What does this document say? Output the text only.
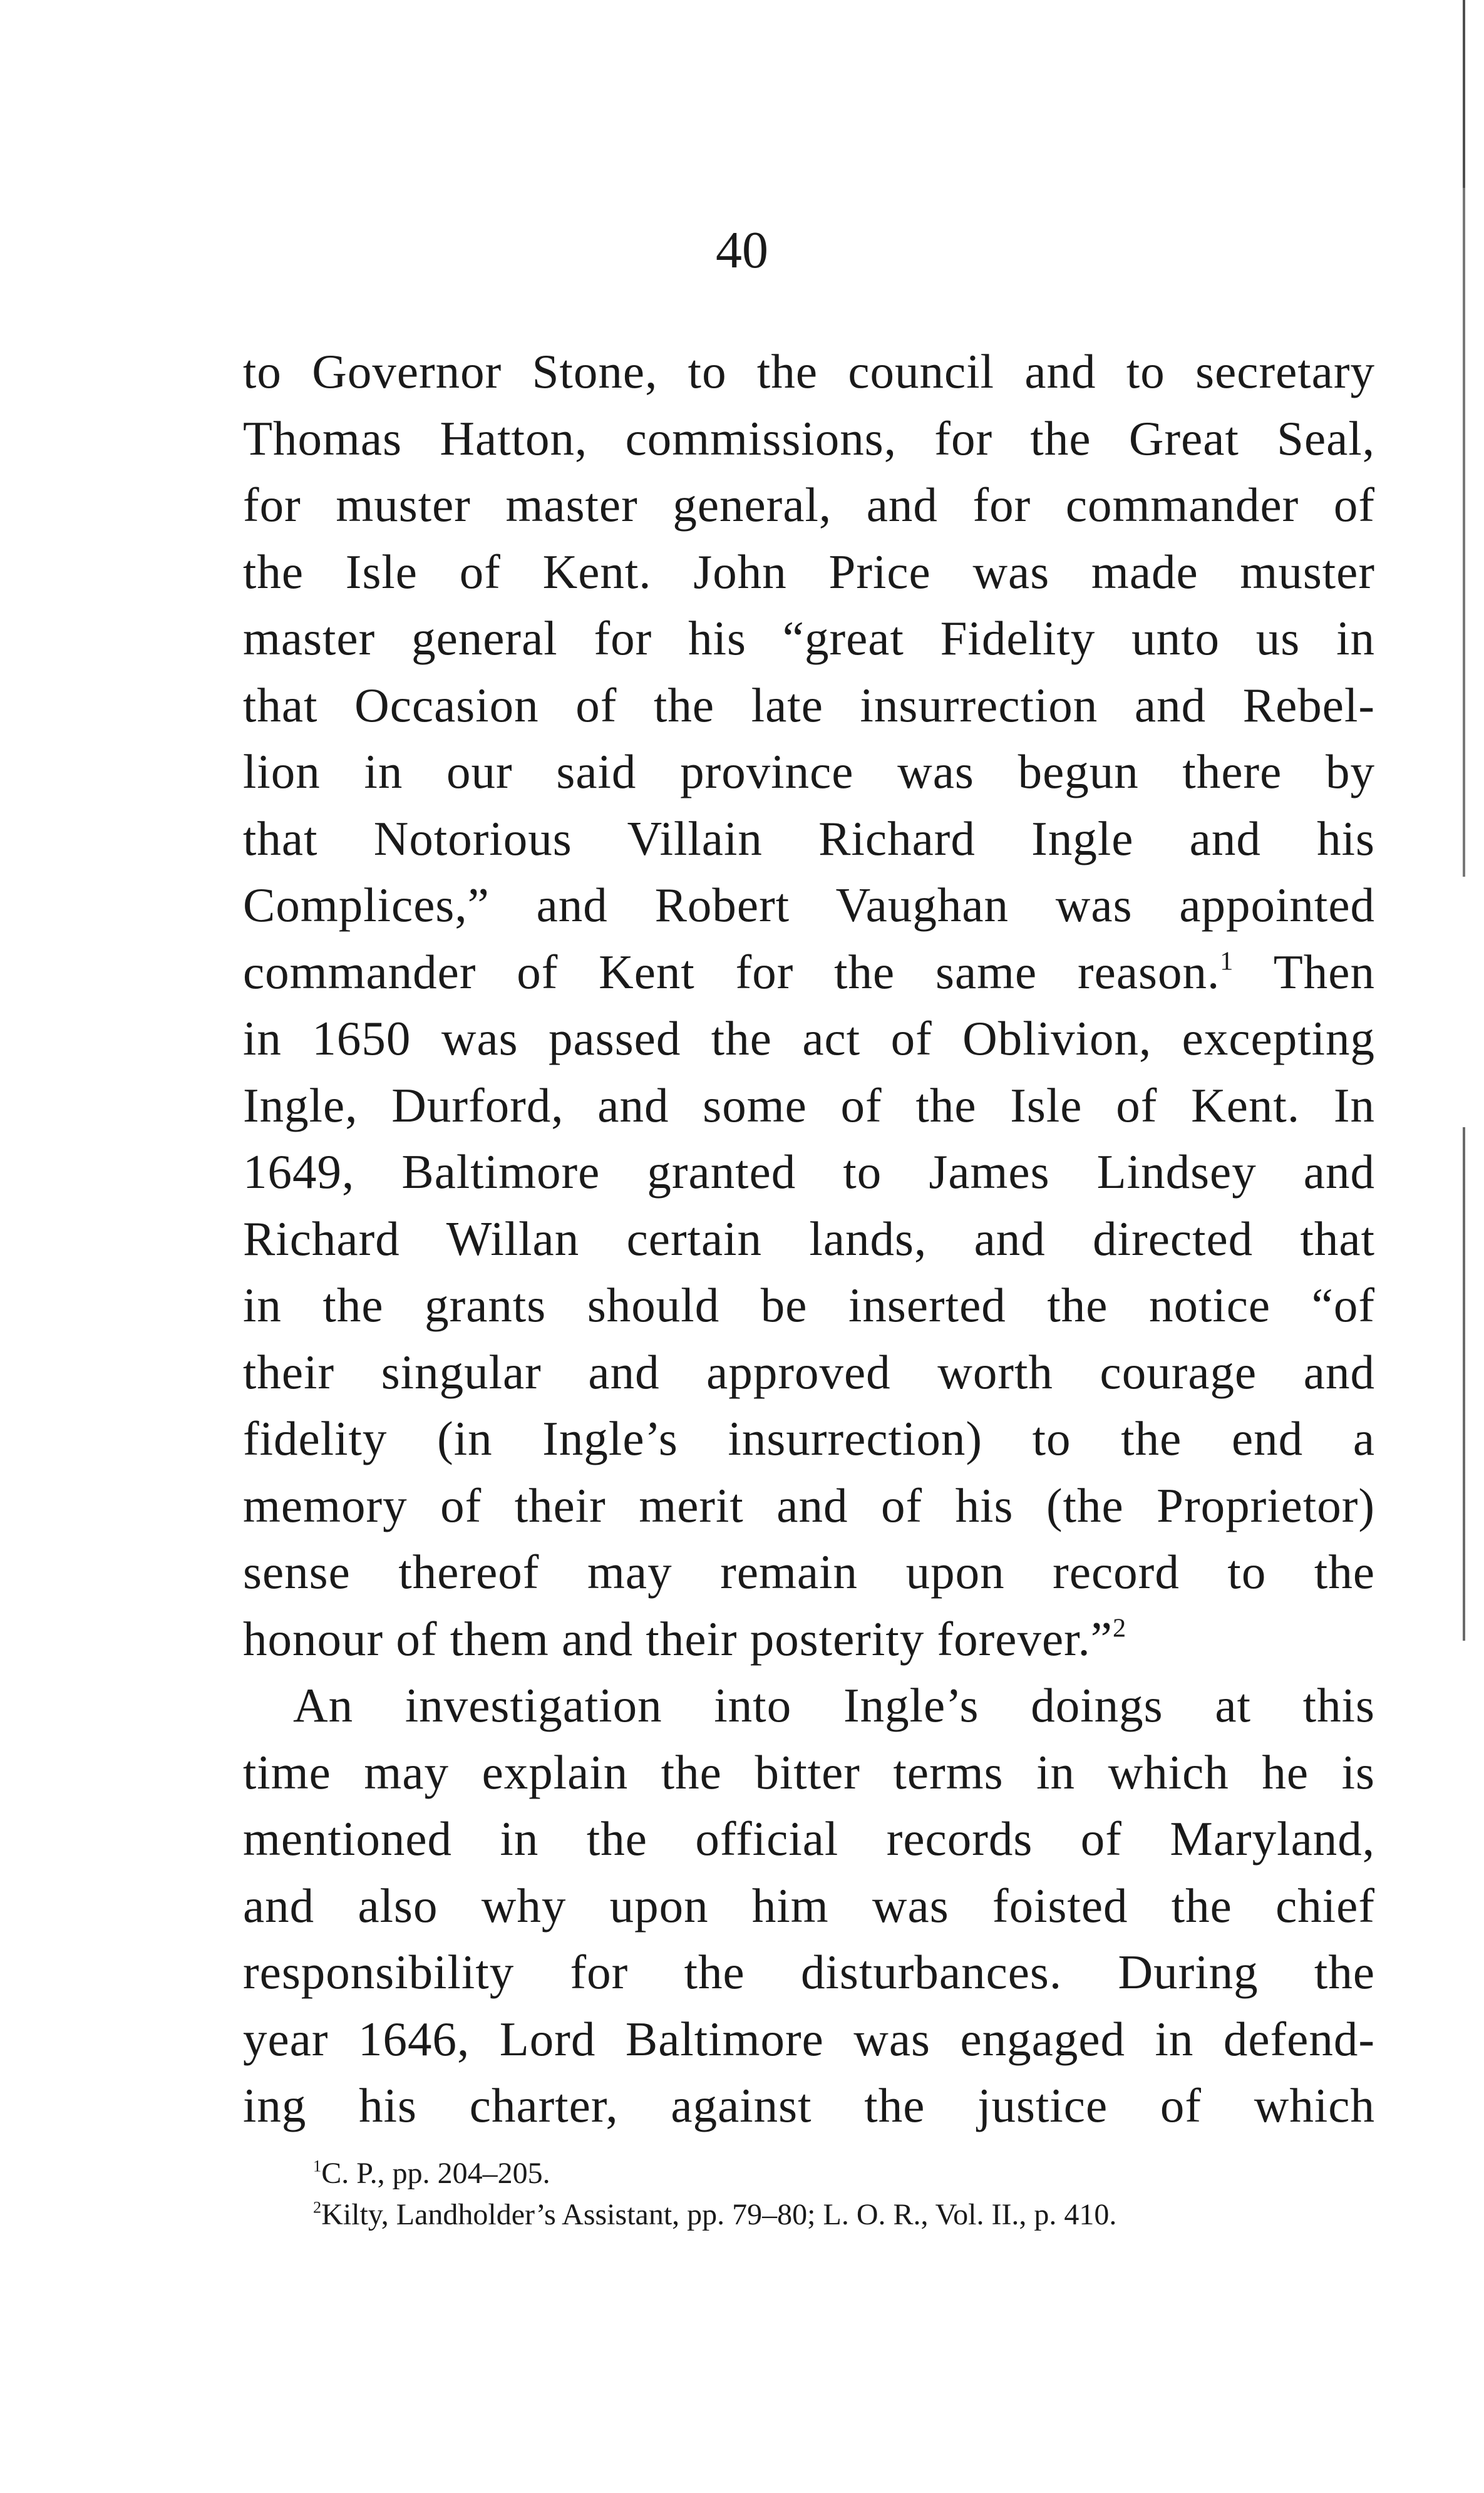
40
to Governor Stone, to the council and to secretary
Thomas Hatton, commissions, for the Great Seal,
for muster master general, and for commander of
the Isle of Kent. John Price was made muster
master general for his “great Fidelity unto us in
that Occasion of the late insurrection and Rebel-
lion in our said province was begun there by
that Notorious Villain Richard Ingle and his
Complices,” and Robert Vaughan was appointed
commander of Kent for the same reason.$^1$ Then
in 1650 was passed the act of Oblivion, excepting
Ingle, Durford, and some of the Isle of Kent. In
1649, Baltimore granted to James Lindsey and
Richard Willan certain lands, and directed that
in the grants should be inserted the notice “of
their singular and approved worth courage and
fidelity (in Ingle’s insurrection) to the end a
memory of their merit and of his (the Proprietor)
sense thereof may remain upon record to the
honour of them and their posterity forever.”$^2$
An investigation into Ingle’s doings at this
time may explain the bitter terms in which he is
mentioned in the official records of Maryland,
and also why upon him was foisted the chief
responsibility for the disturbances. During the
year 1646, Lord Baltimore was engaged in defend-
ing his charter, against the justice of which
$^1$C. P., pp. 204–205.
$^2$Kilty, Landholder’s Assistant, pp. 79–80; L. O. R., Vol. II., p. 410.
